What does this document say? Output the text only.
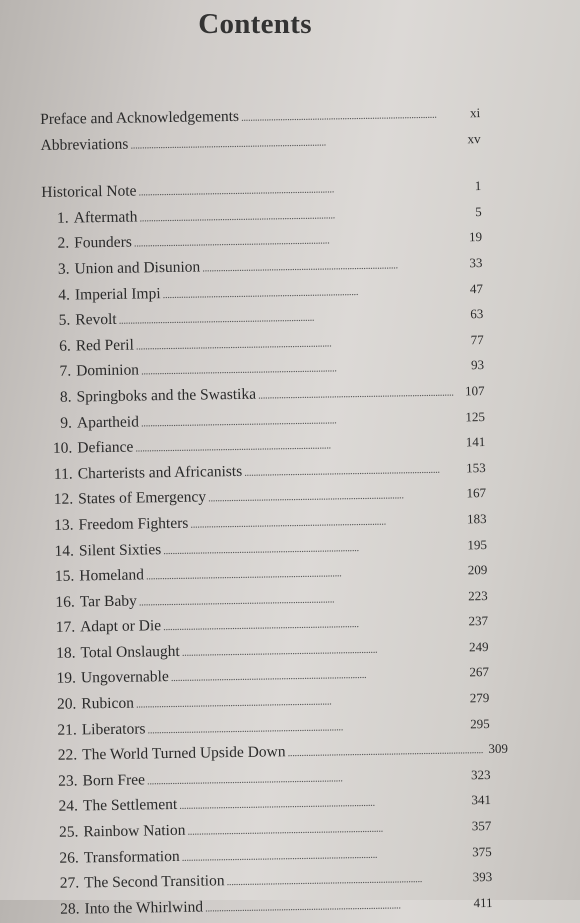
Contents
Preface and Acknowledgements . . .	xi
Abbreviations . . .	xv
Historical Note . . .	1
1. Aftermath . . .	5
2. Founders . . .	19
3. Union and Disunion . . .	33
4. Imperial Impi . . .	47
5. Revolt . . .	63
6. Red Peril . . .	77
7. Dominion . . .	93
8. Springboks and the Swastika . . .	107
9. Apartheid . . .	125
10. Defiance . . .	141
11. Charterists and Africanists . . .	153
12. States of Emergency . . .	167
13. Freedom Fighters . . .	183
14. Silent Sixties . . .	195
15. Homeland . . .	209
16. Tar Baby . . .	223
17. Adapt or Die . . .	237
18. Total Onslaught . . .	249
19. Ungovernable . . .	267
20. Rubicon . . .	279
21. Liberators . . .	295
22. The World Turned Upside Down . . .	309
23. Born Free . . .	323
24. The Settlement . . .	341
25. Rainbow Nation . . .	357
26. Transformation . . .	375
27. The Second Transition . . .	393
28. Into the Whirlwind . . .	411
